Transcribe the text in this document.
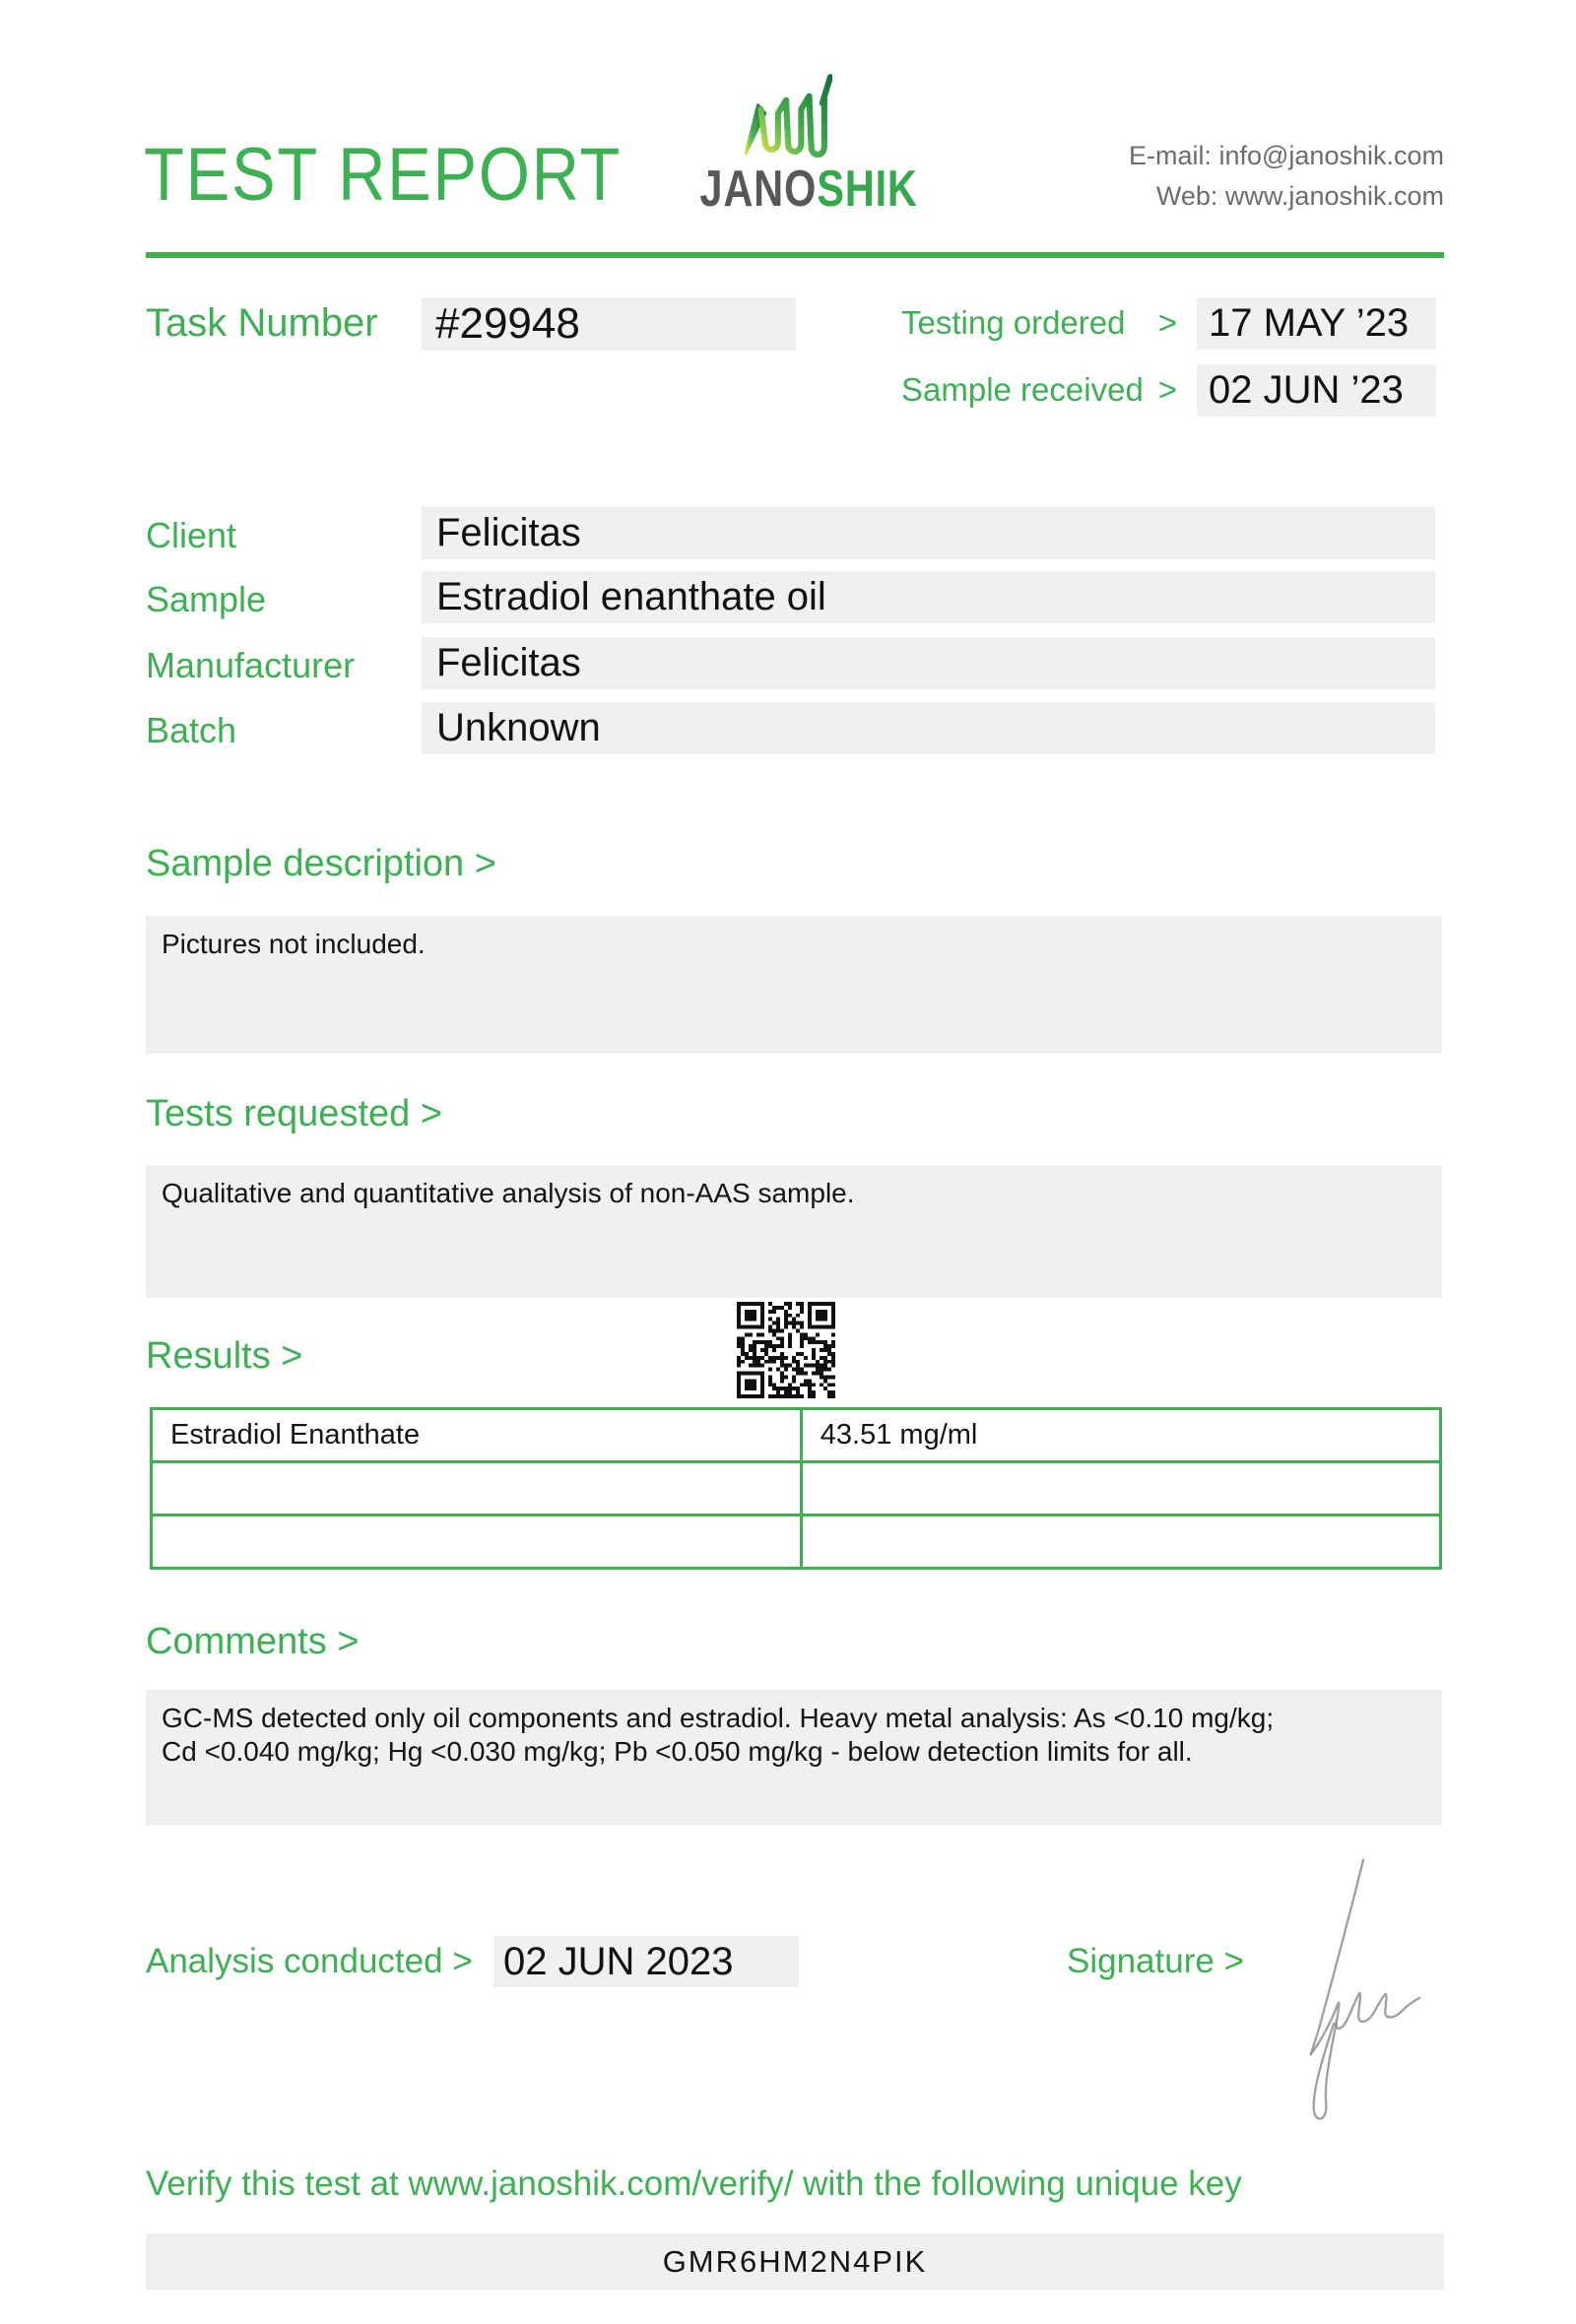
TEST REPORT JANOSHIK
E-mail: info@janoshik.com
Web: www.janoshik.com
Task Number	#29948	Testing ordered > 17 MAY ’23
Sample received > 02 JUN ’23
Client	Felicitas
Sample	Estradiol enanthate oil
Manufacturer	Felicitas
Batch	Unknown
Sample description >
Pictures not included.
Tests requested >
Qualitative and quantitative analysis of non-AAS sample.
Results >
Estradiol Enanthate	43.51 mg/ml

Comments >
GC-MS detected only oil components and estradiol. Heavy metal analysis: As <0.10 mg/kg; Cd <0.040 mg/kg; Hg <0.030 mg/kg; Pb <0.050 mg/kg - below detection limits for all.
Analysis conducted > 02 JUN 2023	Signature >
Verify this test at www.janoshik.com/verify/ with the following unique key
GMR6HM2N4PIK
